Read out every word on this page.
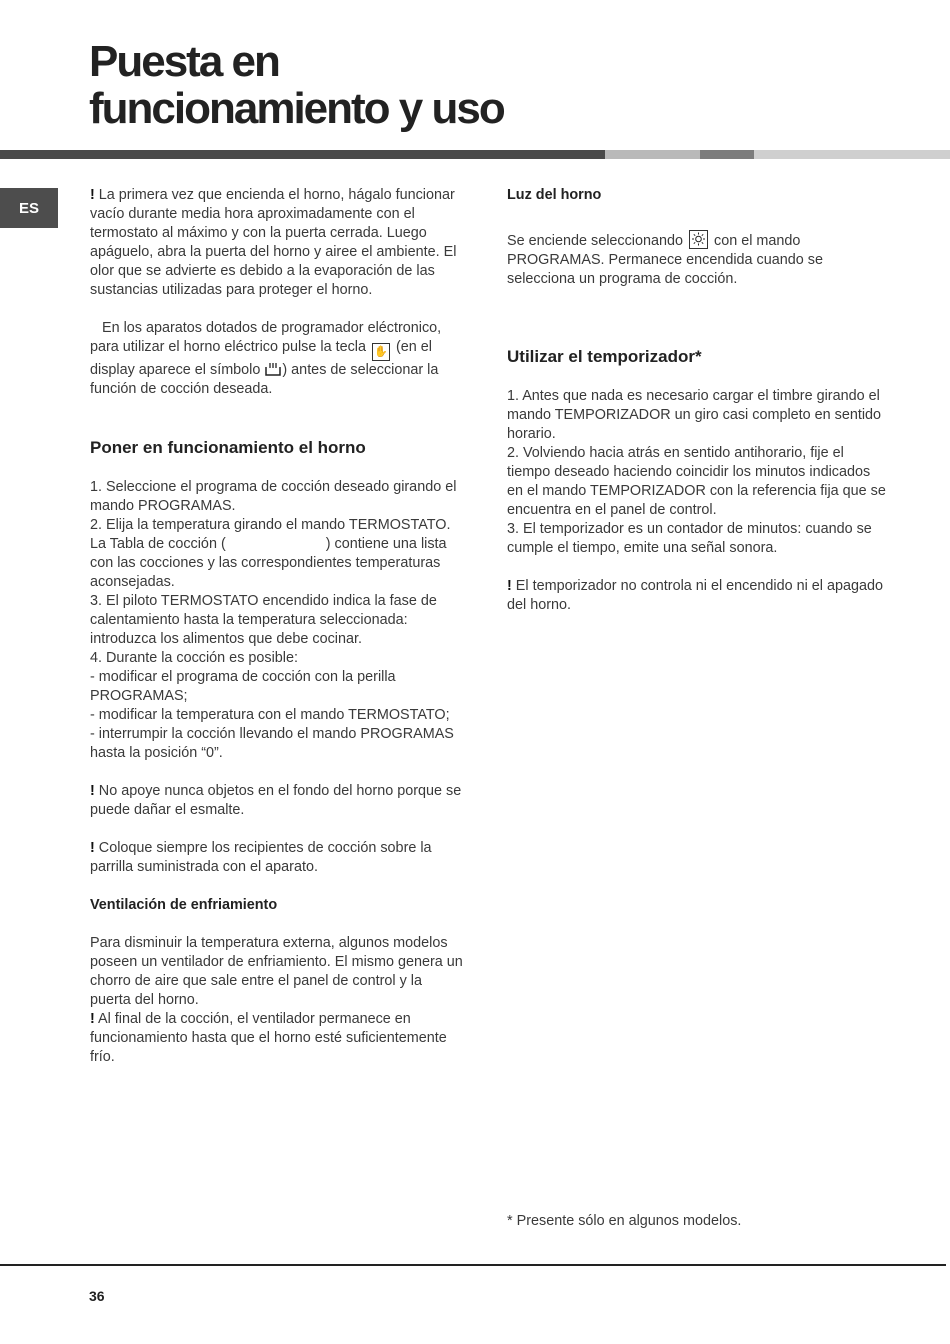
Puesta en
funcionamiento y uso
ES

! La primera vez que encienda el horno, hágalo funcionar vacío durante media hora aproximadamente con el termostato al máximo y con la puerta cerrada. Luego apáguelo, abra la puerta del horno y airee el ambiente. El olor que se advierte es debido a la evaporación de las sustancias utilizadas para proteger el horno.

En los aparatos dotados de programador eléctronico, para utilizar el horno eléctrico pulse la tecla ✋ (en el display aparece el símbolo ) antes de seleccionar la función de cocción deseada.

Poner en funcionamiento el horno

1. Seleccione el programa de cocción deseado girando el mando PROGRAMAS.

2. Elija la temperatura girando el mando TERMOSTATO. La Tabla de cocción (	) contiene una lista con las cocciones y las correspondientes temperaturas aconsejadas.

3. El piloto TERMOSTATO encendido indica la fase de calentamiento hasta la temperatura seleccionada: introduzca los alimentos que debe cocinar.

4. Durante la cocción es posible:

- modificar el programa de cocción con la perilla PROGRAMAS;

- modificar la temperatura con el mando TERMOSTATO;

- interrumpir la cocción llevando el mando PROGRAMAS hasta la posición “0”.

! No apoye nunca objetos en el fondo del horno porque se puede dañar el esmalte.

! Coloque siempre los recipientes de cocción sobre la parrilla suministrada con el aparato.

Ventilación de enfriamiento

Para disminuir la temperatura externa, algunos modelos poseen un ventilador de enfriamiento. El mismo genera un chorro de aire que sale entre el panel de control y la puerta del horno.

! Al final de la cocción, el ventilador permanece en funcionamiento hasta que el horno esté suficientemente frío.

Luz del horno

Se enciende seleccionando  con el mando PROGRAMAS. Permanece encendida cuando se selecciona un programa de cocción.

Utilizar el temporizador*

1. Antes que nada es necesario cargar el timbre girando el mando TEMPORIZADOR un giro casi completo en sentido horario.

2. Volviendo hacia atrás en sentido antihorario, fije el tiempo deseado haciendo coincidir los minutos indicados en el mando TEMPORIZADOR con la referencia fija que se encuentra en el panel de control.

3. El temporizador es un contador de minutos: cuando se cumple el tiempo, emite una señal sonora.

! El temporizador no controla ni el encendido ni el apagado del horno.

* Presente sólo en algunos modelos.
36
